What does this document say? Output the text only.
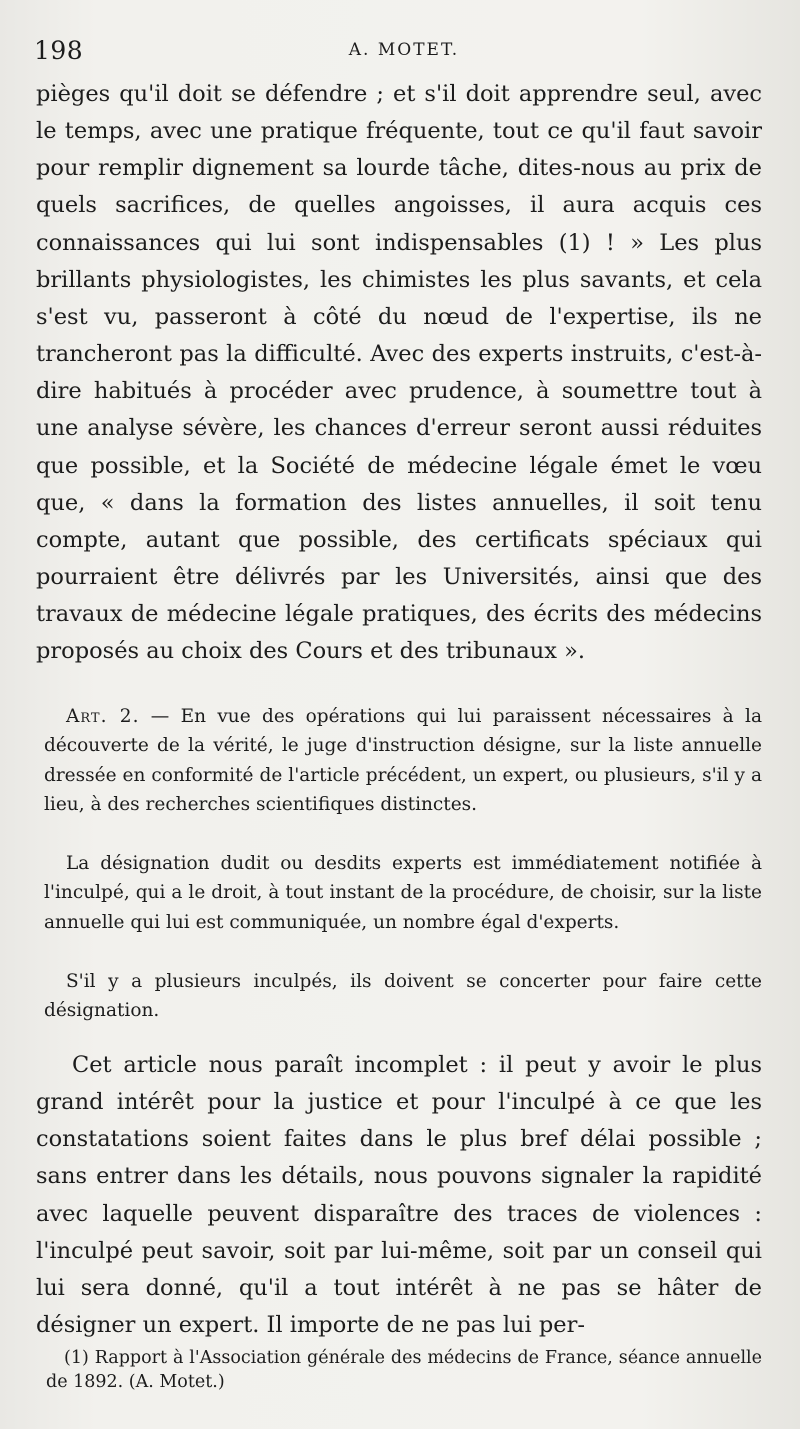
198	A. MOTET.

pièges qu'il doit se défendre ; et s'il doit apprendre seul, avec le temps, avec une pratique fréquente, tout ce qu'il faut savoir pour remplir dignement sa lourde tâche, dites-nous au prix de quels sacrifices, de quelles angoisses, il aura acquis ces connaissances qui lui sont indispensables (1) ! » Les plus brillants physiologistes, les chimistes les plus savants, et cela s'est vu, passeront à côté du nœud de l'expertise, ils ne trancheront pas la difficulté. Avec des experts instruits, c'est-à-dire habitués à procéder avec prudence, à soumettre tout à une analyse sévère, les chances d'erreur seront aussi réduites que possible, et la Société de médecine légale émet le vœu que, « dans la formation des listes annuelles, il soit tenu compte, autant que possible, des certificats spéciaux qui pourraient être délivrés par les Universités, ainsi que des travaux de médecine légale pratiques, des écrits des médecins proposés au choix des Cours et des tribunaux ».

Art. 2. — En vue des opérations qui lui paraissent nécessaires à la découverte de la vérité, le juge d'instruction désigne, sur la liste annuelle dressée en conformité de l'article précédent, un expert, ou plusieurs, s'il y a lieu, à des recherches scientifiques distinctes.

La désignation dudit ou desdits experts est immédiatement notifiée à l'inculpé, qui a le droit, à tout instant de la procédure, de choisir, sur la liste annuelle qui lui est communiquée, un nombre égal d'experts.

S'il y a plusieurs inculpés, ils doivent se concerter pour faire cette désignation.

Cet article nous paraît incomplet : il peut y avoir le plus grand intérêt pour la justice et pour l'inculpé à ce que les constatations soient faites dans le plus bref délai possible ; sans entrer dans les détails, nous pouvons signaler la rapidité avec laquelle peuvent disparaître des traces de violences : l'inculpé peut savoir, soit par lui-même, soit par un conseil qui lui sera donné, qu'il a tout intérêt à ne pas se hâter de désigner un expert. Il importe de ne pas lui per-

(1) Rapport à l'Association générale des médecins de France, séance annuelle de 1892. (A. Motet.)
